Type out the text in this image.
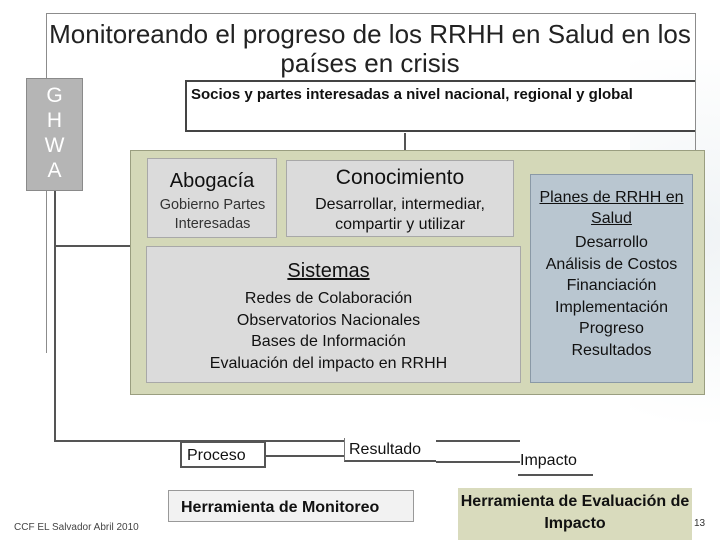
Monitoreando el progreso de los RRHH en Salud en los países en crisis
G
H
W
A
Socios y partes interesadas a nivel nacional, regional y global
Abogacía
Gobierno Partes Interesadas
Conocimiento
Desarrollar, intermediar, compartir y utilizar
Sistemas
Redes de Colaboración
Observatorios Nacionales
Bases de Información
Evaluación del impacto en RRHH
Planes de RRHH en Salud
Desarrollo
Análisis de Costos
Financiación
Implementación
Progreso
Resultados
Proceso	Resultado
Impacto
Herramienta de Monitoreo	Herramienta de Evaluación de Impacto
CCF EL Salvador Abril 2010	13
